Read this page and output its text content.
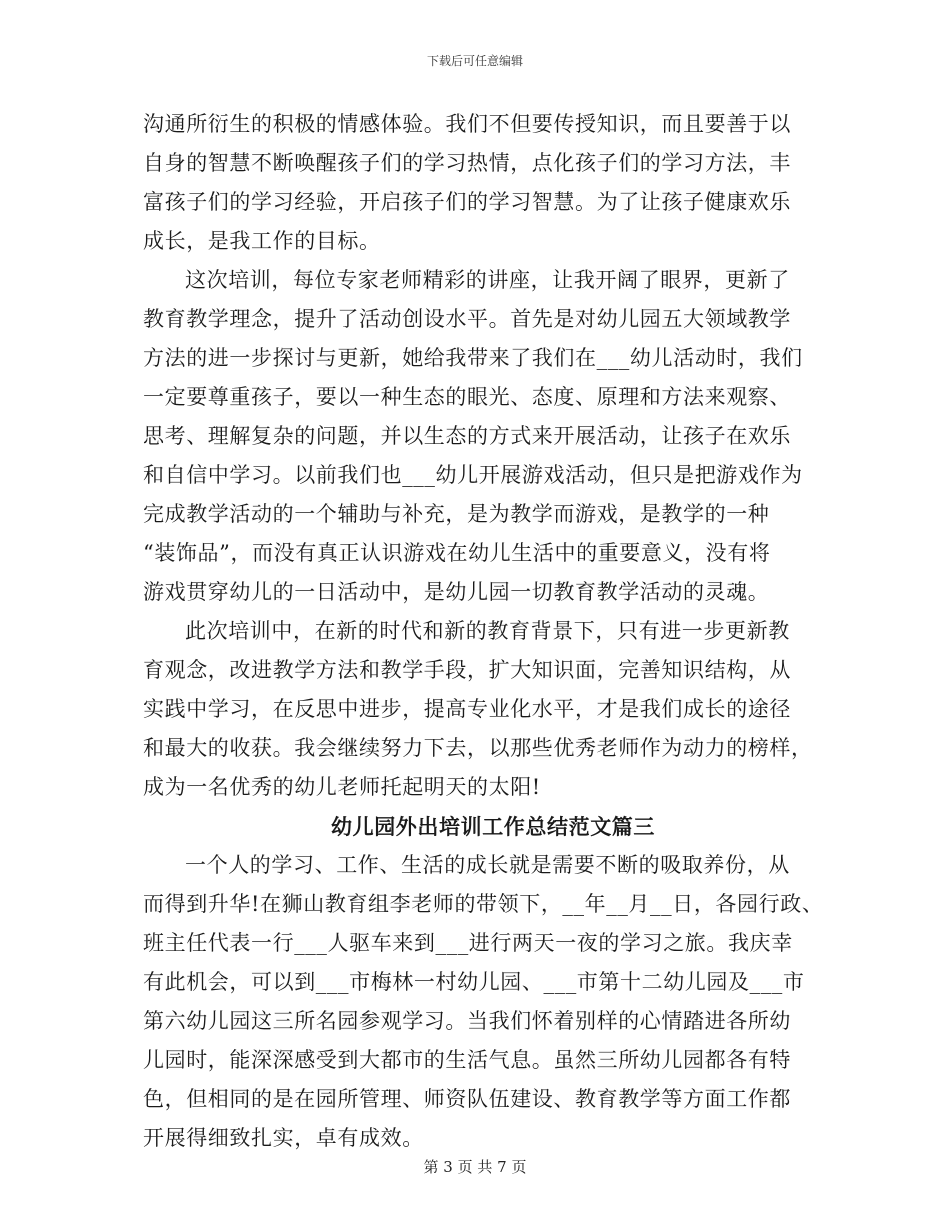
下载后可任意编辑
沟通所衍生的积极的情感体验。我们不但要传授知识，而且要善于以
自身的智慧不断唤醒孩子们的学习热情，点化孩子们的学习方法，丰
富孩子们的学习经验，开启孩子们的学习智慧。为了让孩子健康欢乐
成长，是我工作的目标。
这次培训，每位专家老师精彩的讲座，让我开阔了眼界，更新了
教育教学理念，提升了活动创设水平。首先是对幼儿园五大领域教学
方法的进一步探讨与更新，她给我带来了我们在___幼儿活动时，我们
一定要尊重孩子，要以一种生态的眼光、态度、原理和方法来观察、
思考、理解复杂的问题，并以生态的方式来开展活动，让孩子在欢乐
和自信中学习。以前我们也___幼儿开展游戏活动，但只是把游戏作为
完成教学活动的一个辅助与补充，是为教学而游戏，是教学的一种
“装饰品”，而没有真正认识游戏在幼儿生活中的重要意义，没有将
游戏贯穿幼儿的一日活动中，是幼儿园一切教育教学活动的灵魂。
此次培训中，在新的时代和新的教育背景下，只有进一步更新教
育观念，改进教学方法和教学手段，扩大知识面，完善知识结构，从
实践中学习，在反思中进步，提高专业化水平，才是我们成长的途径
和最大的收获。我会继续努力下去，以那些优秀老师作为动力的榜样，
成为一名优秀的幼儿老师托起明天的太阳!
幼儿园外出培训工作总结范文篇三
一个人的学习、工作、生活的成长就是需要不断的吸取养份，从
而得到升华!在狮山教育组李老师的带领下，__年__月__日，各园行政、
班主任代表一行___人驱车来到___进行两天一夜的学习之旅。我庆幸
有此机会，可以到___市梅林一村幼儿园、___市第十二幼儿园及___市
第六幼儿园这三所名园参观学习。当我们怀着别样的心情踏进各所幼
儿园时，能深深感受到大都市的生活气息。虽然三所幼儿园都各有特
色，但相同的是在园所管理、师资队伍建设、教育教学等方面工作都
开展得细致扎实，卓有成效。
第 3 页 共 7 页
